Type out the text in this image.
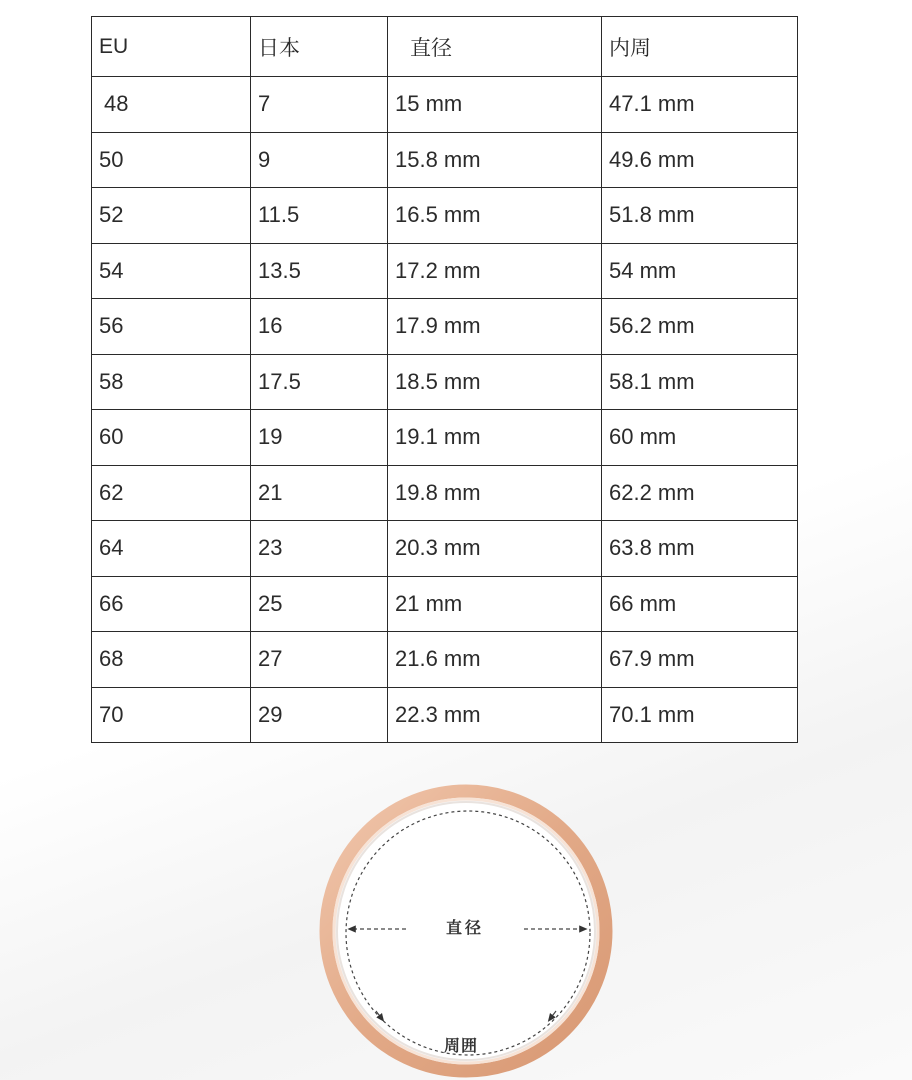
EU	日本	直径	内周
48	7	15 mm	47.1 mm
50	9	15.8 mm	49.6 mm
52	11.5	16.5 mm	51.8 mm
54	13.5	17.2 mm	54 mm
56	16	17.9 mm	56.2 mm
58	17.5	18.5 mm	58.1 mm
60	19	19.1 mm	60 mm
62	21	19.8 mm	62.2 mm
64	23	20.3 mm	63.8 mm
66	25	21 mm	66 mm
68	27	21.6 mm	67.9 mm
70	29	22.3 mm	70.1 mm
直径
周囲
